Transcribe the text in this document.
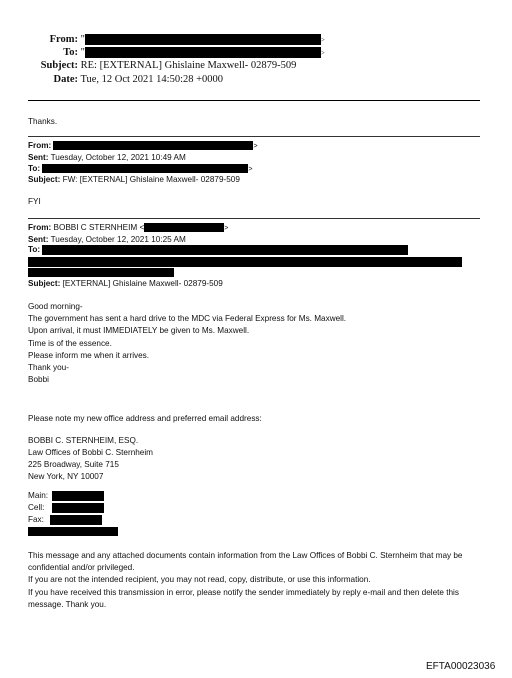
From: "	>
To: "	>
Subject: RE: [EXTERNAL] Ghislaine Maxwell- 02879-509
Date: Tue, 12 Oct 2021 14:50:28 +0000
Thanks.
From:	>
Sent: Tuesday, October 12, 2021 10:49 AM
To:	>
Subject: FW: [EXTERNAL] Ghislaine Maxwell- 02879-509
FYI
From: BOBBI C STERNHEIM <	>
Sent: Tuesday, October 12, 2021 10:25 AM
To:
Subject: [EXTERNAL] Ghislaine Maxwell- 02879-509
Good morning-
The government has sent a hard drive to the MDC via Federal Express for Ms. Maxwell.
Upon arrival, it must IMMEDIATELY be given to Ms. Maxwell.
Time is of the essence.
Please inform me when it arrives.
Thank you-
Bobbi
Please note my new office address and preferred email address:
BOBBI C. STERNHEIM, ESQ.
Law Offices of Bobbi C. Sternheim
225 Broadway, Suite 715
New York, NY 10007
Main:
Cell:
Fax:
This message and any attached documents contain information from the Law Offices of Bobbi C. Sternheim that may be
confidential and/or privileged.
If you are not the intended recipient, you may not read, copy, distribute, or use this information.
If you have received this transmission in error, please notify the sender immediately by reply e-mail and then delete this
message. Thank you.
EFTA00023036
